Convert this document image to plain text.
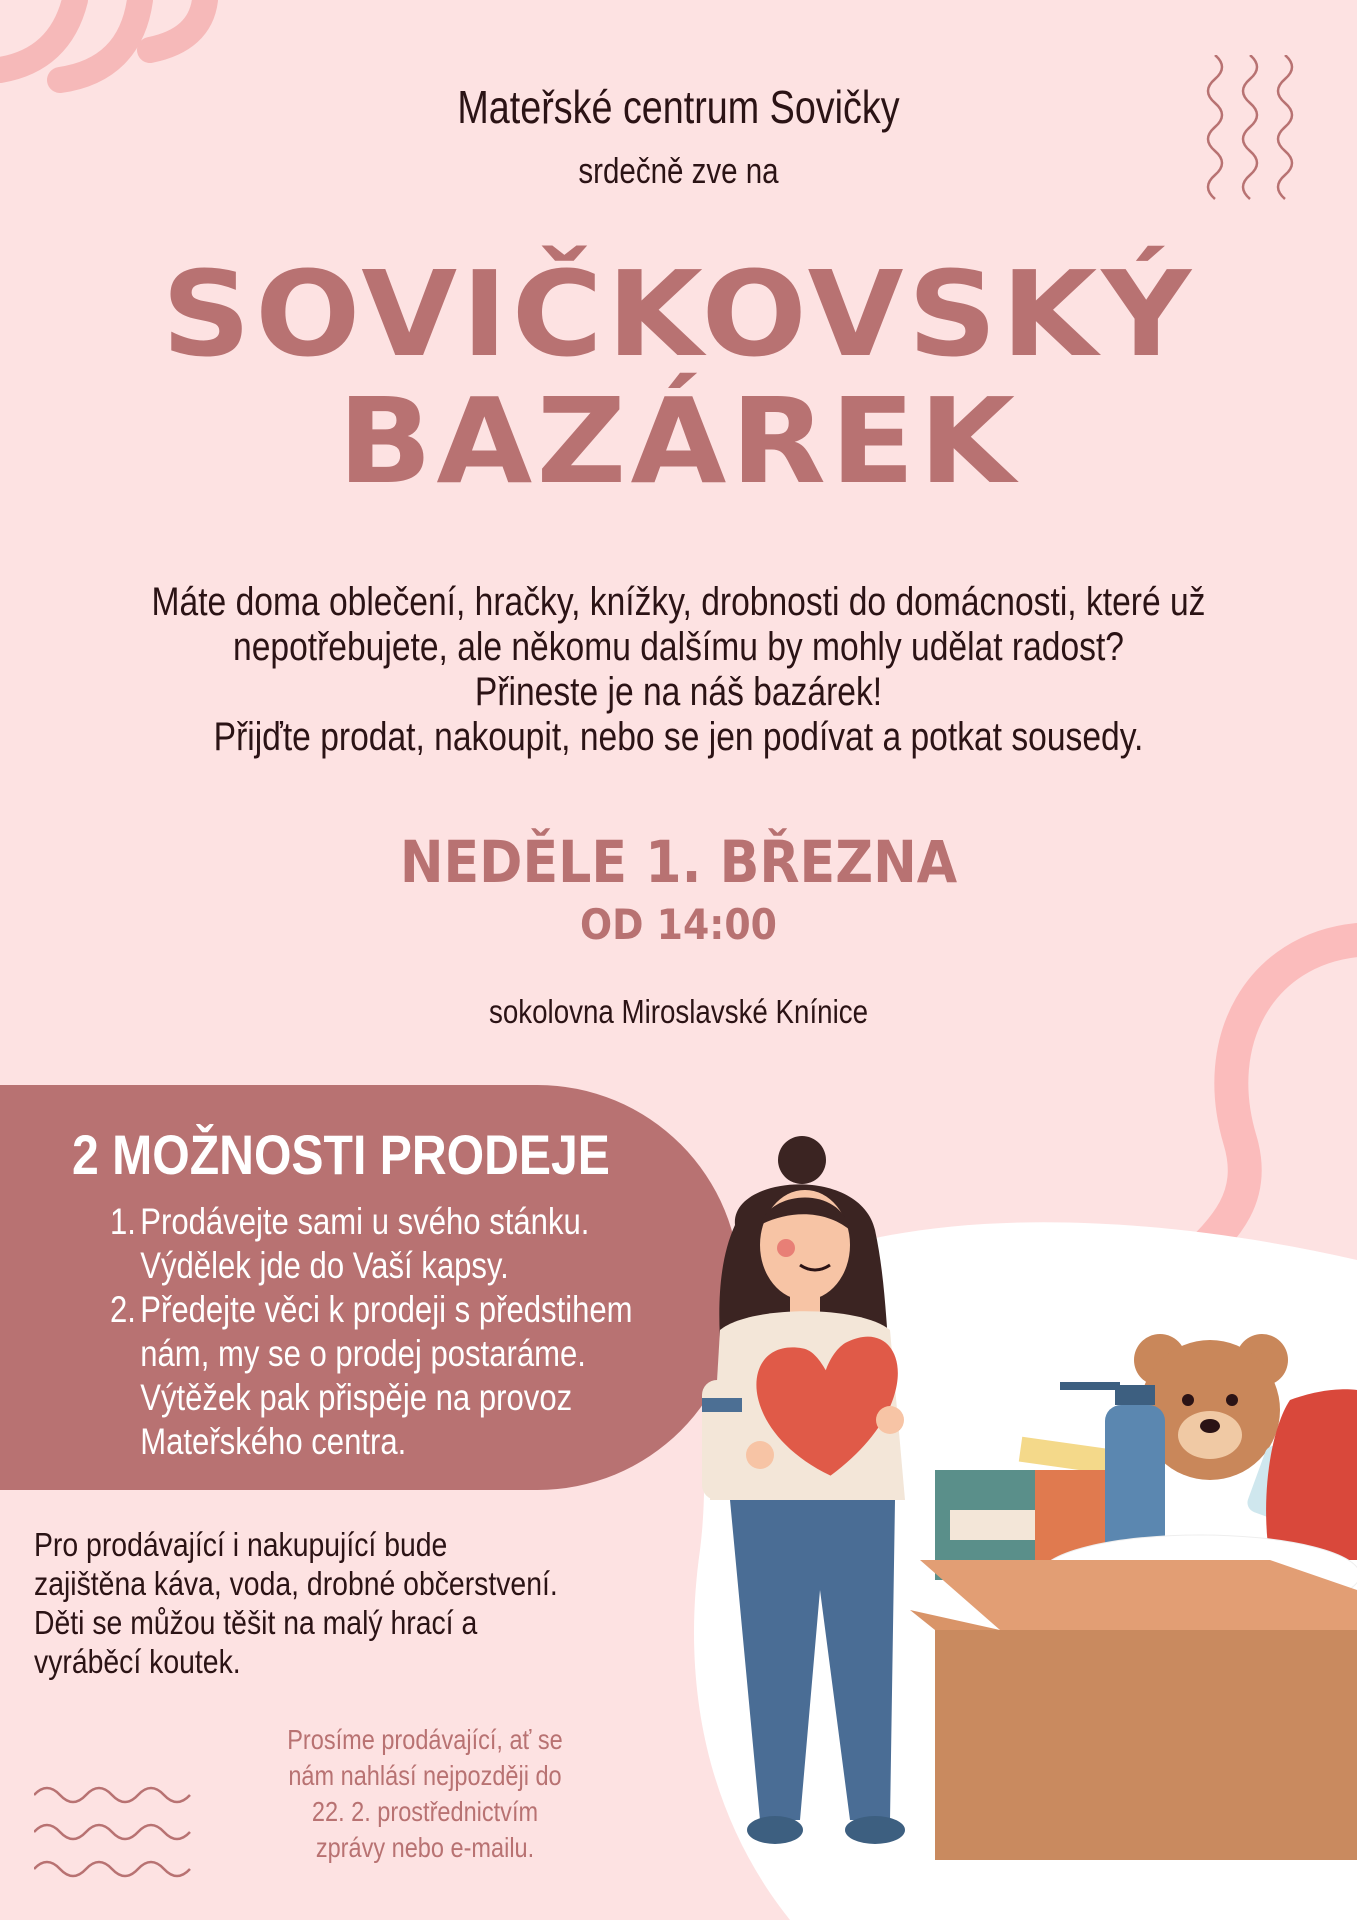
Mateřské centrum Sovičky
srdečně zve na
SOVIČKOVSKÝ
BAZÁREK
Máte doma oblečení, hračky, knížky, drobnosti do domácnosti, které už
nepotřebujete, ale někomu dalšímu by mohly udělat radost?
Přineste je na náš bazárek!
Přijďte prodat, nakoupit, nebo se jen podívat a potkat sousedy.
NEDĚLE 1. BŘEZNA
OD 14:00
sokolovna Miroslavské Knínice
2 MOŽNOSTI PRODEJE
1. Prodávejte sami u svého stánku.
Výdělek jde do Vaší kapsy.
2. Předejte věci k prodeji s předstihem
nám, my se o prodej postaráme.
Výtěžek pak přispěje na provoz
Mateřského centra.
Pro prodávající i nakupující bude
zajištěna káva, voda, drobné občerstvení.
Děti se můžou těšit na malý hrací a
vyráběcí koutek.
Prosíme prodávající, ať se
nám nahlásí nejpozději do
22. 2. prostřednictvím
zprávy nebo e-mailu.
